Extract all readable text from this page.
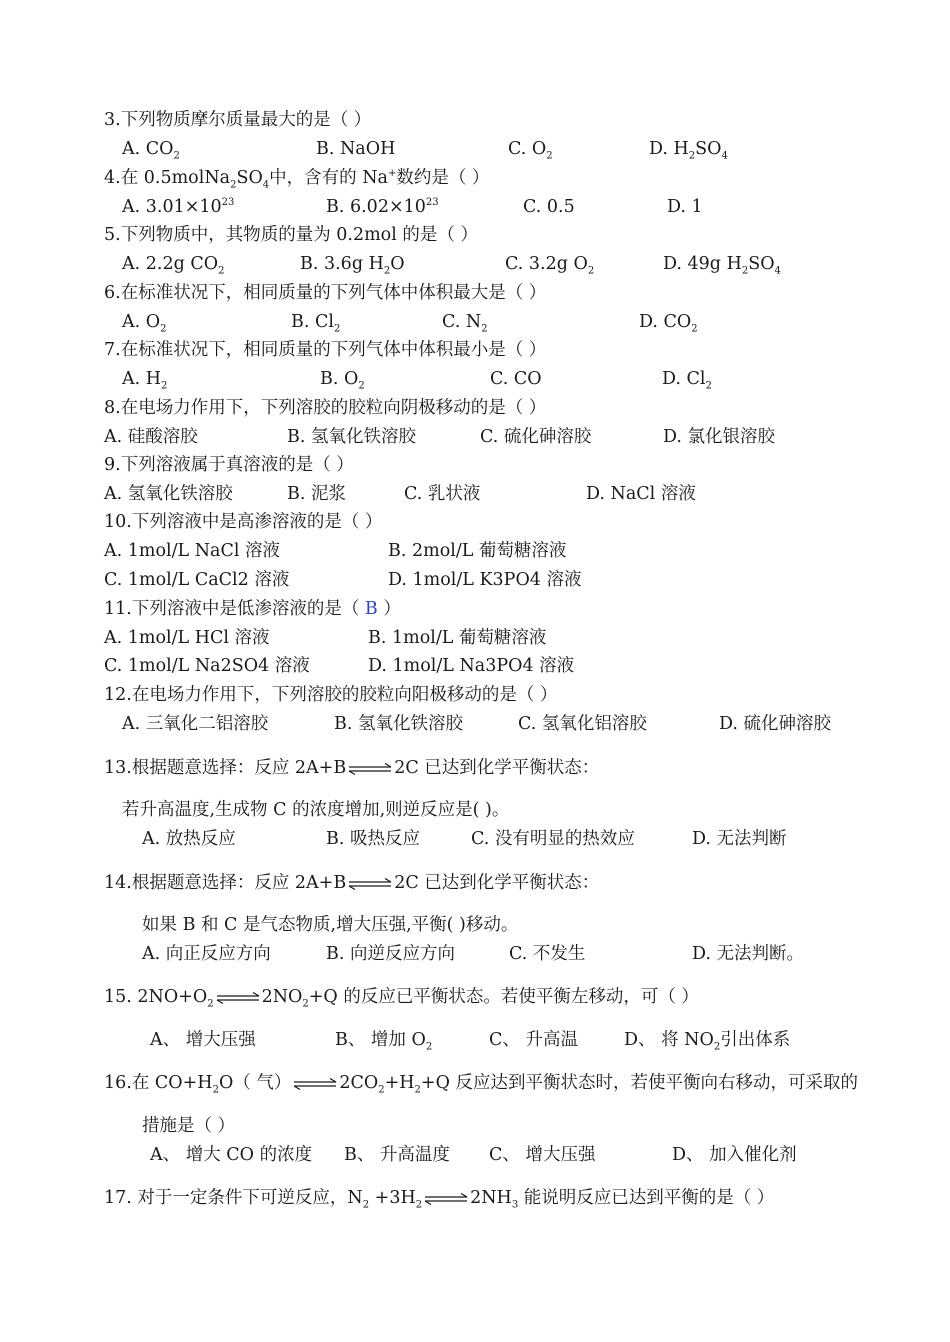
3.下列物质摩尔质量最大的是（ ）
A. $CO_2$	B. NaOH	C. $O_2$	D. $H_2SO_4$
4.在 $0.5molNa_2SO_4$中，含有的 Na+数约是（ ）
A. $3.01\times 10^{23}$	B. $6.02\times 10^{23}$	C. 0.5	D. 1
5.下列物质中，其物质的量为 0.2mol 的是（ ）
A. 2.2g $CO_2$	B. 3.6g $H_2O$	C. 3.2g $O_2$	D. 49g $H_2SO_4$
6.在标准状况下，相同质量的下列气体中体积最大是（ ）
A. $O_2$	B. $Cl_2$	C. $N_2$	D. $CO_2$
7.在标准状况下，相同质量的下列气体中体积最小是（ ）
A. $H_2$	B. $O_2$	C. CO	D. $Cl_2$
8.在电场力作用下，下列溶胶的胶粒向阴极移动的是（ ）
A. 硅酸溶胶	B. 氢氧化铁溶胶	C. 硫化砷溶胶	D. 氯化银溶胶
9.下列溶液属于真溶液的是（ ）
A. 氢氧化铁溶胶	B. 泥浆	C. 乳状液	D. NaCl 溶液
10.下列溶液中是高渗溶液的是（ ）
A. 1mol/L NaCl 溶液	B. 2mol/L 葡萄糖溶液
C. 1mol/L CaCl2 溶液	D. 1mol/L K3PO4 溶液
11.下列溶液中是低渗溶液的是（ B ）
A. 1mol/L HCl 溶液	B. 1mol/L 葡萄糖溶液
C. 1mol/L Na2SO4 溶液	D. 1mol/L Na3PO4 溶液
12.在电场力作用下，下列溶胶的胶粒向阳极移动的是（ ）
A. 三氧化二铝溶胶	B. 氢氧化铁溶胶	C. 氢氧化铝溶胶	D. 硫化砷溶胶
13.根据题意选择：反应 2A+B	2C 已达到化学平衡状态：
若升高温度,生成物 C 的浓度增加,则逆反应是( )。
A. 放热反应	B. 吸热反应	C. 没有明显的热效应	D. 无法判断
14.根据题意选择：反应 2A+B	2C 已达到化学平衡状态：
如果 B 和 C 是气态物质,增大压强,平衡( )移动。
A. 向正反应方向	B. 向逆反应方向	C. 不发生	D. 无法判断。
15. $2NO+O_2$	$2NO_2+Q$ 的反应已平衡状态。若使平衡左移动，可（ ）
A、 增大压强	B、 增加 $O_2$	C、 升高温	D、 将 $NO_2$引出体系
16.在 $CO+H_2O$（ 气）	$2CO_2+H_2+Q$ 反应达到平衡状态时，若使平衡向右移动，可采取的
措施是（ ）
A、 增大 CO 的浓度 B、 升高温度 C、 增大压强	D、 加入催化剂
17. 对于一定条件下可逆反应，$N_2 +3H_2$	$2NH_3$ 能说明反应已达到平衡的是（ ）
